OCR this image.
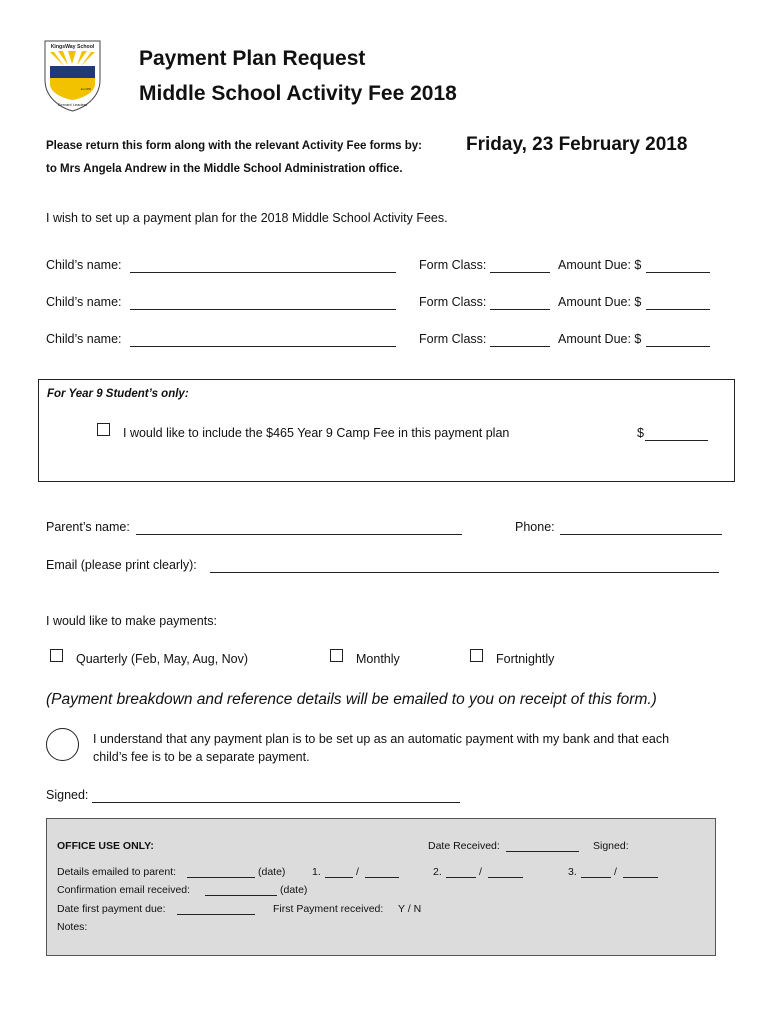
KingsWay School
Est 1950
Servant Leaders
Payment Plan Request
Middle School Activity Fee 2018
Please return this form along with the relevant Activity Fee forms by: Friday, 23 February 2018
to Mrs Angela Andrew in the Middle School Administration office.
I wish to set up a payment plan for the 2018 Middle School Activity Fees.
Child’s name:	Form Class:	Amount Due: $
Child’s name:	Form Class:	Amount Due: $
Child’s name:	Form Class:	Amount Due: $
For Year 9 Student’s only:
I would like to include the $465 Year 9 Camp Fee in this payment plan	$
Parent’s name:	Phone:
Email (please print clearly):
I would like to make payments:
Quarterly (Feb, May, Aug, Nov)	Monthly	Fortnightly
(Payment breakdown and reference details will be emailed to you on receipt of this form.)
I understand that any payment plan is to be set up as an automatic payment with my bank and that each
child’s fee is to be a separate payment.
Signed:
OFFICE USE ONLY:	Date Received:	Signed:
Details emailed to parent:	(date)	1.	/	2.	/	3.	/
Confirmation email received:	(date)
Date first payment due:	First Payment received: Y / N
Notes:
